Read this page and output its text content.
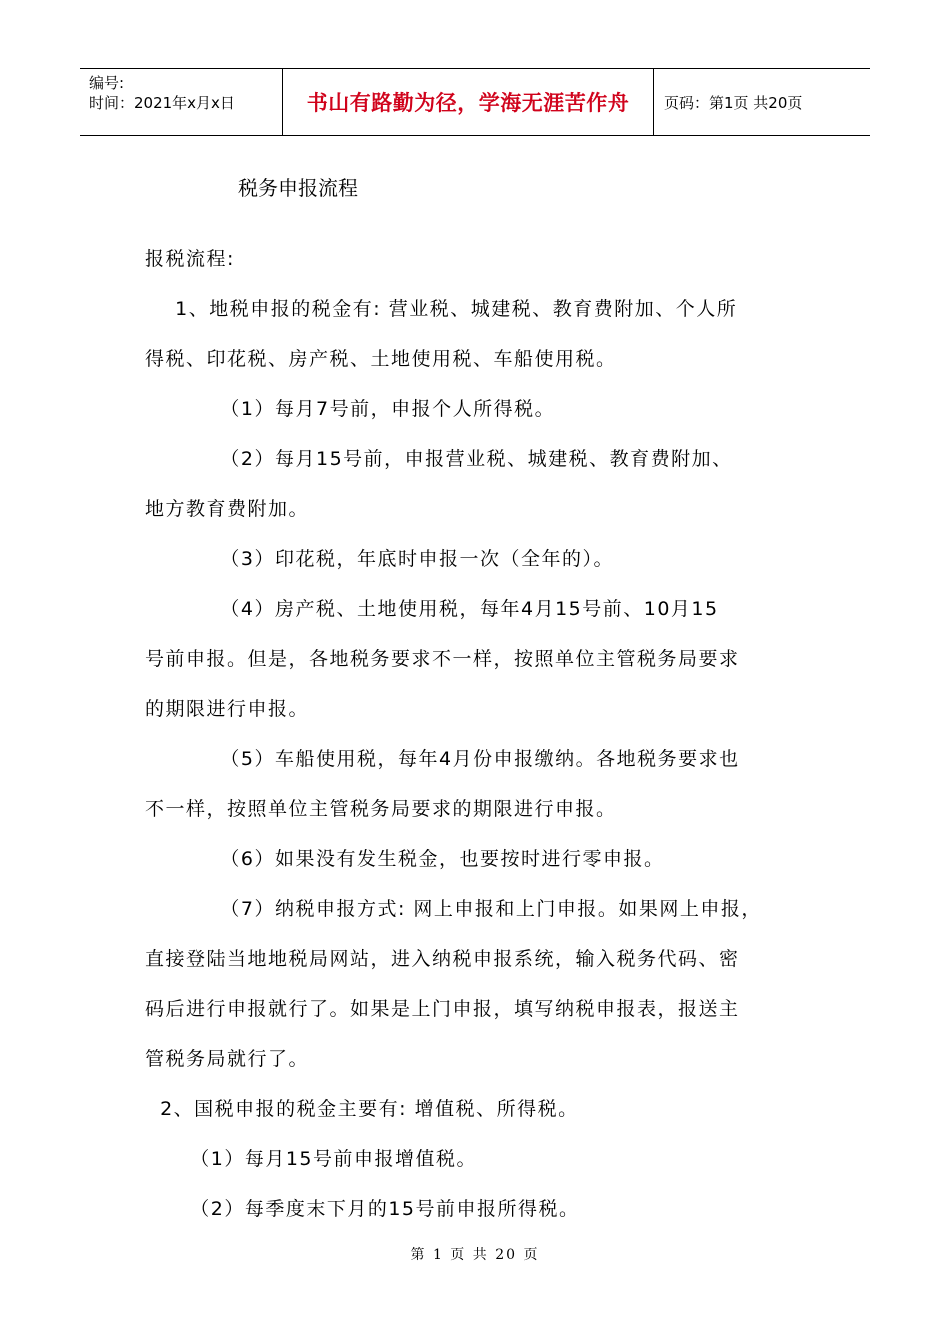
编号:
时间：2021年x月x日	书山有路勤为径，学海无涯苦作舟	页码：第1页 共20页
税务申报流程
报税流程:
1、地税申报的税金有: 营业税、城建税、教育费附加、个人所
得税、印花税、房产税、土地使用税、车船使用税。
（1）每月7号前，申报个人所得税。
（2）每月15号前，申报营业税、城建税、教育费附加、
地方教育费附加。
（3）印花税，年底时申报一次（全年的）。
（4）房产税、土地使用税，每年4月15号前、10月15
号前申报。但是，各地税务要求不一样，按照单位主管税务局要求
的期限进行申报。
（5）车船使用税，每年4月份申报缴纳。各地税务要求也
不一样，按照单位主管税务局要求的期限进行申报。
（6）如果没有发生税金，也要按时进行零申报。
（7）纳税申报方式: 网上申报和上门申报。如果网上申报，
直接登陆当地地税局网站，进入纳税申报系统，输入税务代码、密
码后进行申报就行了。如果是上门申报，填写纳税申报表，报送主
管税务局就行了。
2、国税申报的税金主要有: 增值税、所得税。
（1）每月15号前申报增值税。
（2）每季度末下月的15号前申报所得税。
第 1 页 共 20 页
